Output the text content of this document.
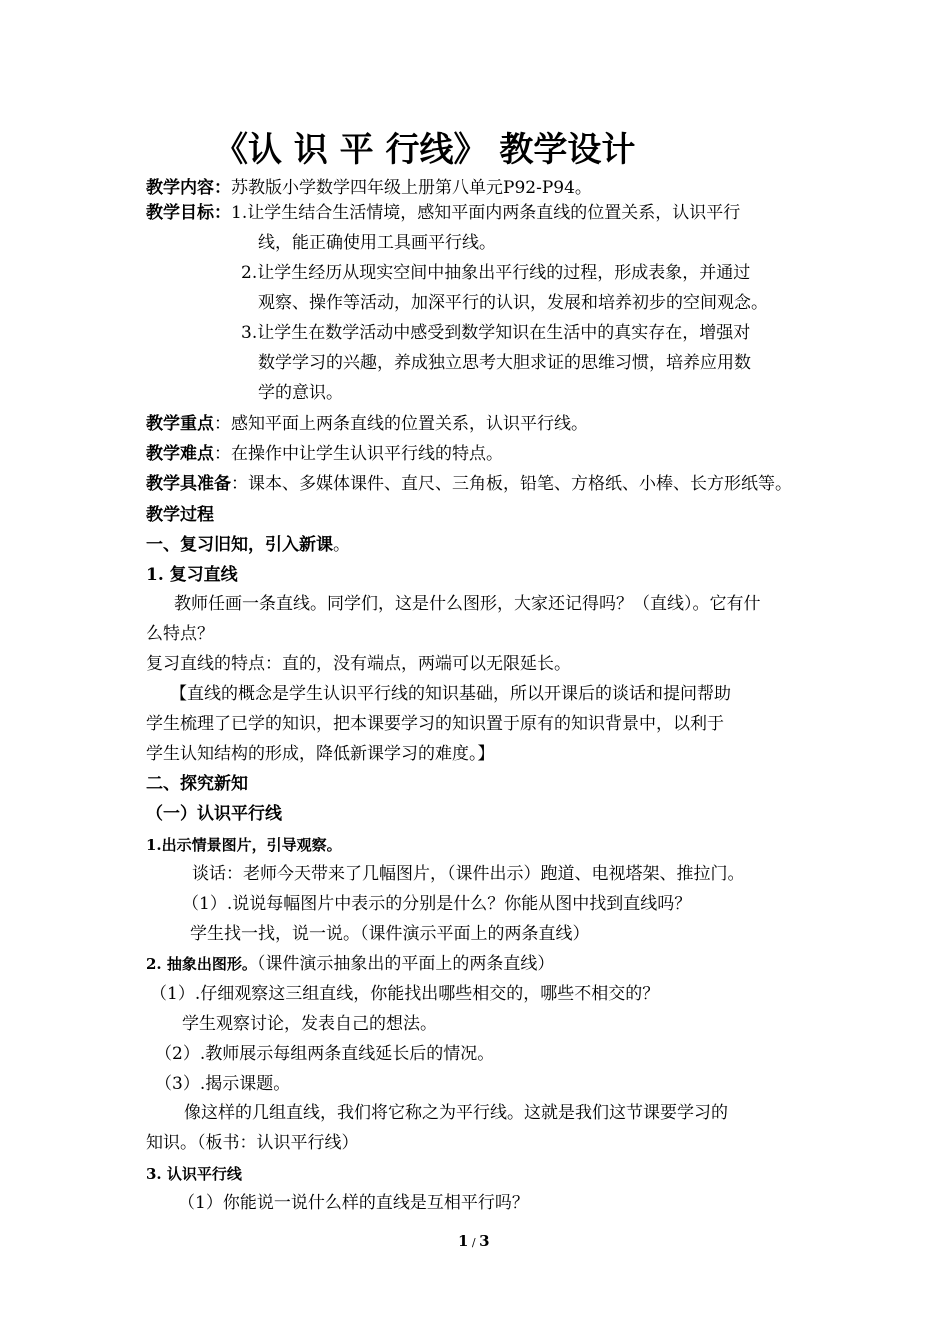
《认 识 平 行线》 教学设计
教学内容：苏教版小学数学四年级上册第八单元P92-P94。
教学目标：1.让学生结合生活情境，感知平面内两条直线的位置关系，认识平行
线，能正确使用工具画平行线。
2.让学生经历从现实空间中抽象出平行线的过程，形成表象，并通过
观察、操作等活动，加深平行的认识，发展和培养初步的空间观念。
3.让学生在数学活动中感受到数学知识在生活中的真实存在，增强对
数学学习的兴趣，养成独立思考大胆求证的思维习惯，培养应用数
学的意识。
教学重点：感知平面上两条直线的位置关系，认识平行线。
教学难点：在操作中让学生认识平行线的特点。
教学具准备：课本、多媒体课件、直尺、三角板，铅笔、方格纸、小棒、长方形纸等。
教学过程
一、复习旧知，引入新课。
1. 复习直线
教师任画一条直线。同学们，这是什么图形，大家还记得吗？（直线）。它有什
么特点？
复习直线的特点：直的，没有端点，两端可以无限延长。
【直线的概念是学生认识平行线的知识基础，所以开课后的谈话和提问帮助
学生梳理了已学的知识，把本课要学习的知识置于原有的知识背景中，以利于
学生认知结构的形成，降低新课学习的难度。】
二、探究新知
（一）认识平行线
1.出示情景图片，引导观察。
谈话：老师今天带来了几幅图片，（课件出示）跑道、电视塔架、推拉门。
（1）.说说每幅图片中表示的分别是什么？你能从图中找到直线吗？
学生找一找，说一说。（课件演示平面上的两条直线）
2. 抽象出图形。（课件演示抽象出的平面上的两条直线）
（1）.仔细观察这三组直线，你能找出哪些相交的，哪些不相交的？
学生观察讨论，发表自己的想法。
（2）.教师展示每组两条直线延长后的情况。
（3）.揭示课题。
像这样的几组直线，我们将它称之为平行线。这就是我们这节课要学习的
知识。（板书：认识平行线）
3. 认识平行线
（1）你能说一说什么样的直线是互相平行吗？
1 / 3
